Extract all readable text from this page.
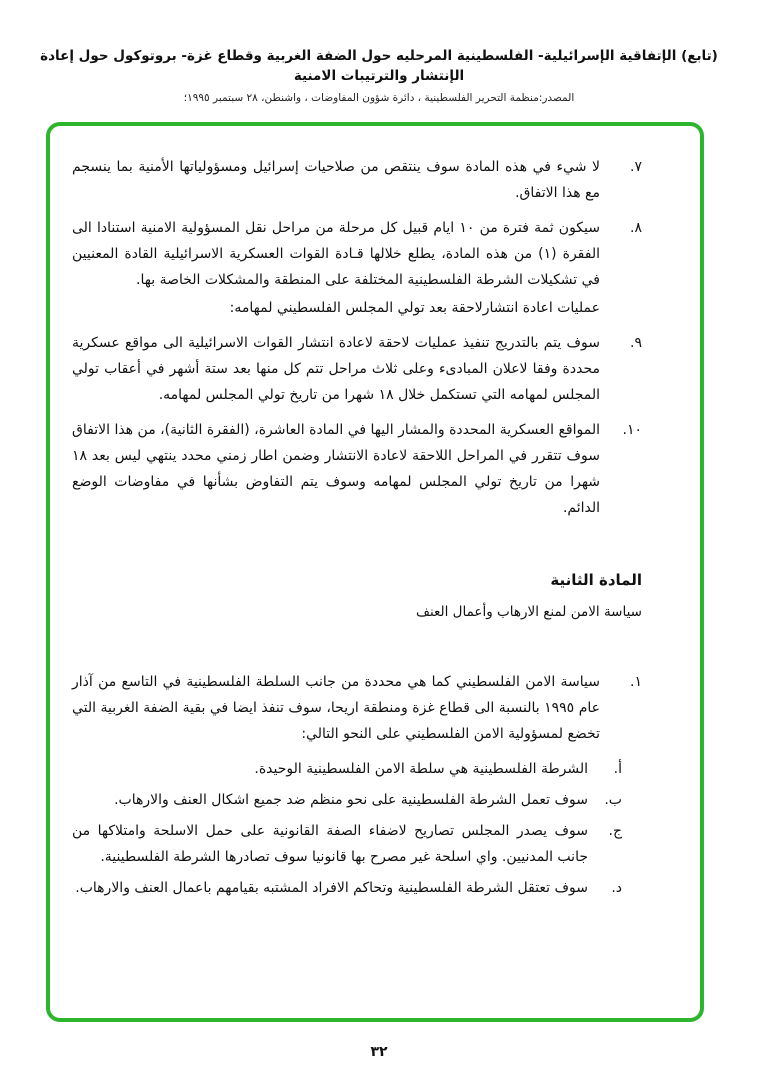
(تابع) الإتفاقية الإسرائيلية- الفلسطينية المرحليه حول الضفة الغربية وقطاع غزة- بروتوكول حول إعادة الإنتشار والترتيبات الامنية
المصدر:منظمة التحرير الفلسطينية ، دائرة شؤون المفاوضات ، واشنطن، ٢٨ سبتمبر ١٩٩٥؛
٧.
لا شيء في هذه المادة سوف ينتقص من صلاحيات إسرائيل ومسؤولياتها الأمنية بما ينسجم مع هذا الاتفاق.
٨.
سيكون ثمة فترة من ١٠ ايام قبيل كل مرحلة من مراحل نقل المسؤولية الامنية استنادا الى الفقرة (١) من هذه المادة، يطلع خلالها قـادة القوات العسكرية الاسرائيلية القادة المعنيين في تشكيلات الشرطة الفلسطينية المختلفة على المنطقة والمشكلات الخاصة بها.
عمليات اعادة انتشارلاحقة بعد تولي المجلس الفلسطيني لمهامه:
٩.
سوف يتم بالتدريج تنفيذ عمليات لاحقة لاعادة انتشار القوات الاسرائيلية الى مواقع عسكرية محددة وفقا لاعلان المبادىء وعلى ثلاث مراحل تتم كل منها بعد ستة أشهر في أعقاب تولي المجلس لمهامه التي تستكمل خلال ١٨ شهرا من تاريخ تولي المجلس لمهامه.
١٠.
المواقع العسكرية المحددة والمشار اليها في المادة العاشرة، (الفقرة الثانية)، من هذا الاتفاق سوف تتقرر في المراحل اللاحقة لاعادة الانتشار وضمن اطار زمني محدد ينتهي ليس بعد ١٨ شهرا من تاريخ تولي المجلس لمهامه وسوف يتم التفاوض بشأنها في مفاوضات الوضع الدائم.
المادة الثانية
سياسة الامن لمنع الارهاب وأعمال العنف
١.
سياسة الامن الفلسطيني كما هي محددة من جانب السلطة الفلسطينية في التاسع من آذار عام ١٩٩٥ بالنسبة الى قطاع غزة ومنطقة اريحا، سوف تنفذ ايضا في بقية الضفة الغربية التي تخضع لمسؤولية الامن الفلسطيني على النحو التالي:
أ.
الشرطة الفلسطينية هي سلطة الامن الفلسطينية الوحيدة.
ب.
سوف تعمل الشرطة الفلسطينية على نحو منظم ضد جميع اشكال العنف والارهاب.
ج.
سوف يصدر المجلس تصاريح لاضفاء الصفة القانونية على حمل الاسلحة وامتلاكها من جانب المدنيين. واي اسلحة غير مصرح بها قانونيا سوف تصادرها الشرطة الفلسطينية.
د.
سوف تعتقل الشرطة الفلسطينية وتحاكم الافراد المشتبه بقيامهم باعمال العنف والارهاب.
٣٢
